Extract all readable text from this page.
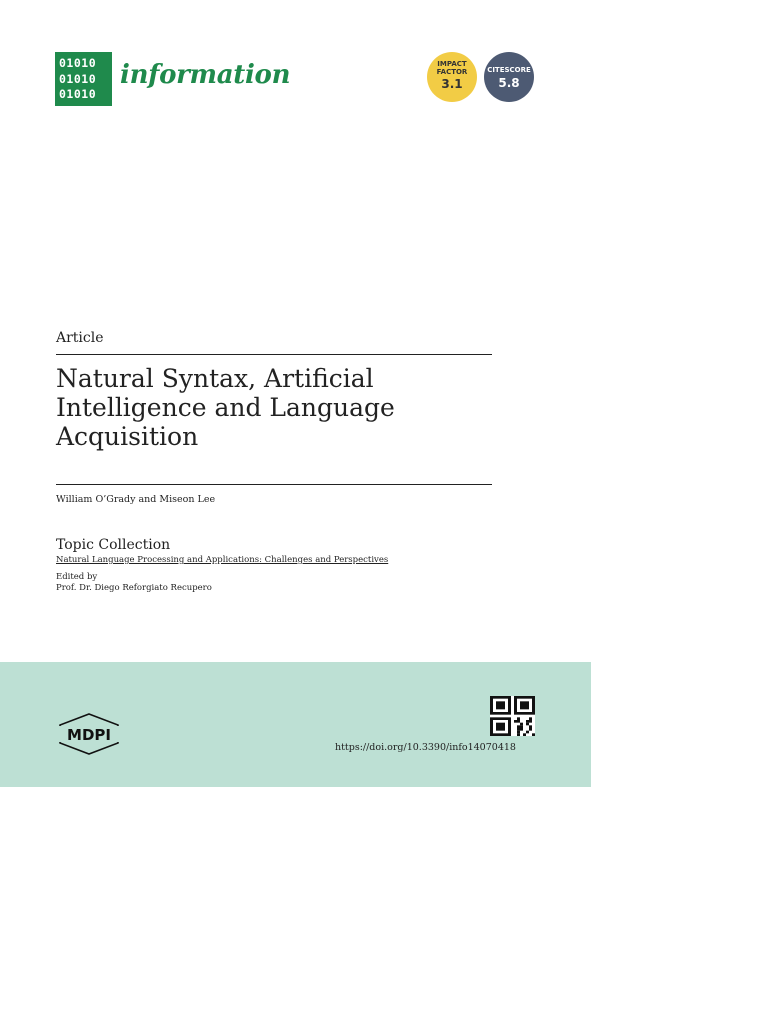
01010
01010
01010
information	IMPACT
FACTOR
3.1
CITESCORE
5.8
Article
Natural Syntax, Artificial Intelligence and Language Acquisition
William O’Grady and Miseon Lee
Topic Collection
Natural Language Processing and Applications: Challenges and Perspectives
Edited by
Prof. Dr. Diego Reforgiato Recupero
MDPI
https://doi.org/10.3390/info14070418
